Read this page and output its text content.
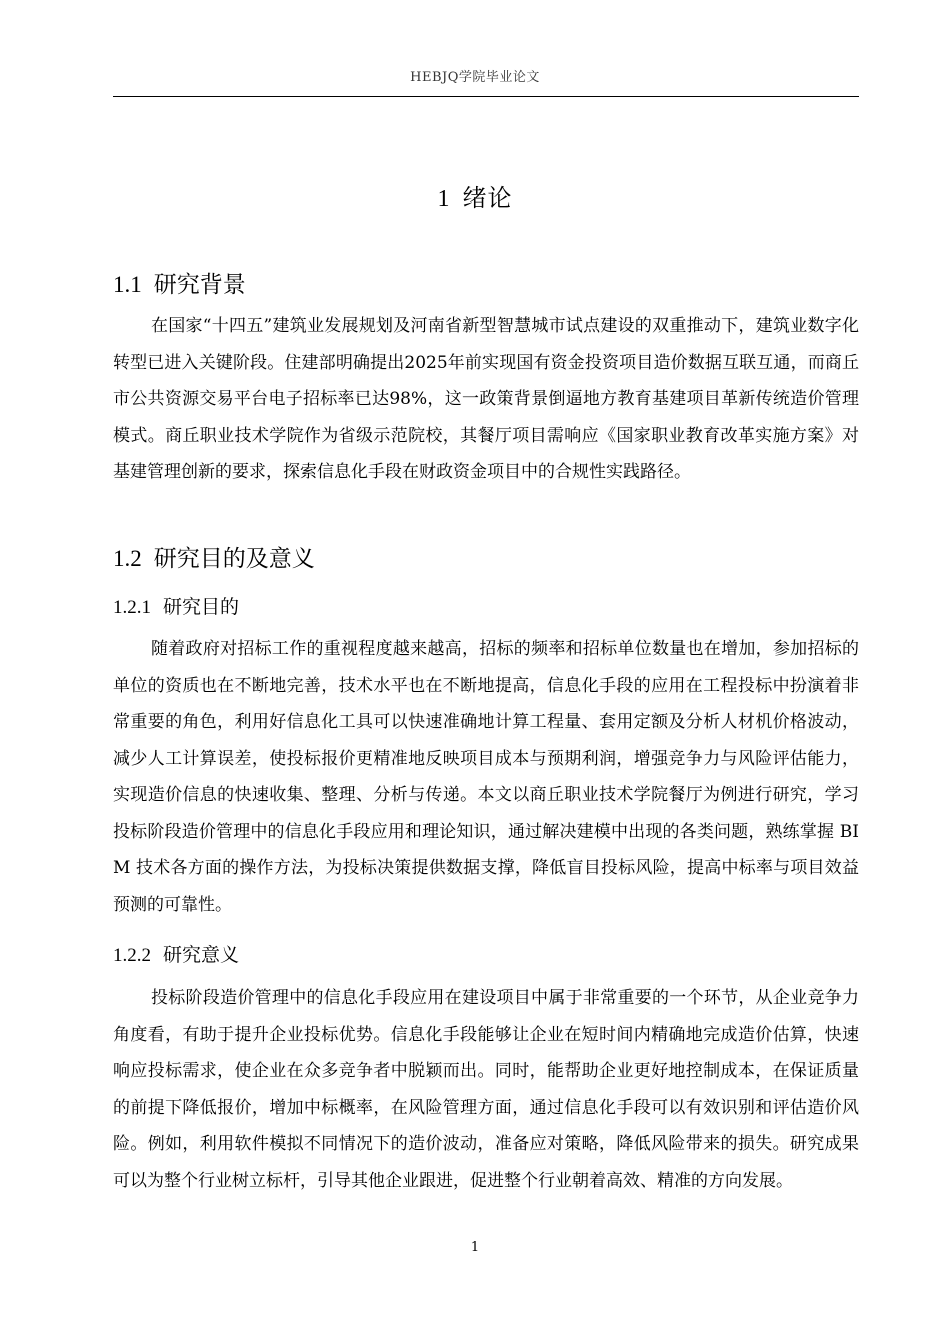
HEBJQ学院毕业论文
1 绪论
1.1 研究背景

在国家“十四五”建筑业发展规划及河南省新型智慧城市试点建设的双重推动下，建筑业数字化转型已进入关键阶段。住建部明确提出2025年前实现国有资金投资项目造价数据互联互通，而商丘市公共资源交易平台电子招标率已达98%，这一政策背景倒逼地方教育基建项目革新传统造价管理模式。商丘职业技术学院作为省级示范院校，其餐厅项目需响应《国家职业教育改革实施方案》对基建管理创新的要求，探索信息化手段在财政资金项目中的合规性实践路径。

1.2 研究目的及意义
1.2.1 研究目的

随着政府对招标工作的重视程度越来越高，招标的频率和招标单位数量也在增加，参加招标的单位的资质也在不断地完善，技术水平也在不断地提高，信息化手段的应用在工程投标中扮演着非常重要的角色，利用好信息化工具可以快速准确地计算工程量、套用定额及分析人材机价格波动，减少人工计算误差，使投标报价更精准地反映项目成本与预期利润，增强竞争力与风险评估能力，实现造价信息的快速收集、整理、分析与传递。本文以商丘职业技术学院餐厅为例进行研究，学习投标阶段造价管理中的信息化手段应用和理论知识，通过解决建模中出现的各类问题，熟练掌握 BIM 技术各方面的操作方法，为投标决策提供数据支撑，降低盲目投标风险，提高中标率与项目效益预测的可靠性。

1.2.2 研究意义

投标阶段造价管理中的信息化手段应用在建设项目中属于非常重要的一个环节，从企业竞争力角度看，有助于提升企业投标优势。信息化手段能够让企业在短时间内精确地完成造价估算，快速响应投标需求，使企业在众多竞争者中脱颖而出。同时，能帮助企业更好地控制成本，在保证质量的前提下降低报价，增加中标概率，在风险管理方面，通过信息化手段可以有效识别和评估造价风险。例如，利用软件模拟不同情况下的造价波动，准备应对策略，降低风险带来的损失。研究成果可以为整个行业树立标杆，引导其他企业跟进，促进整个行业朝着高效、精准的方向发展。

1
